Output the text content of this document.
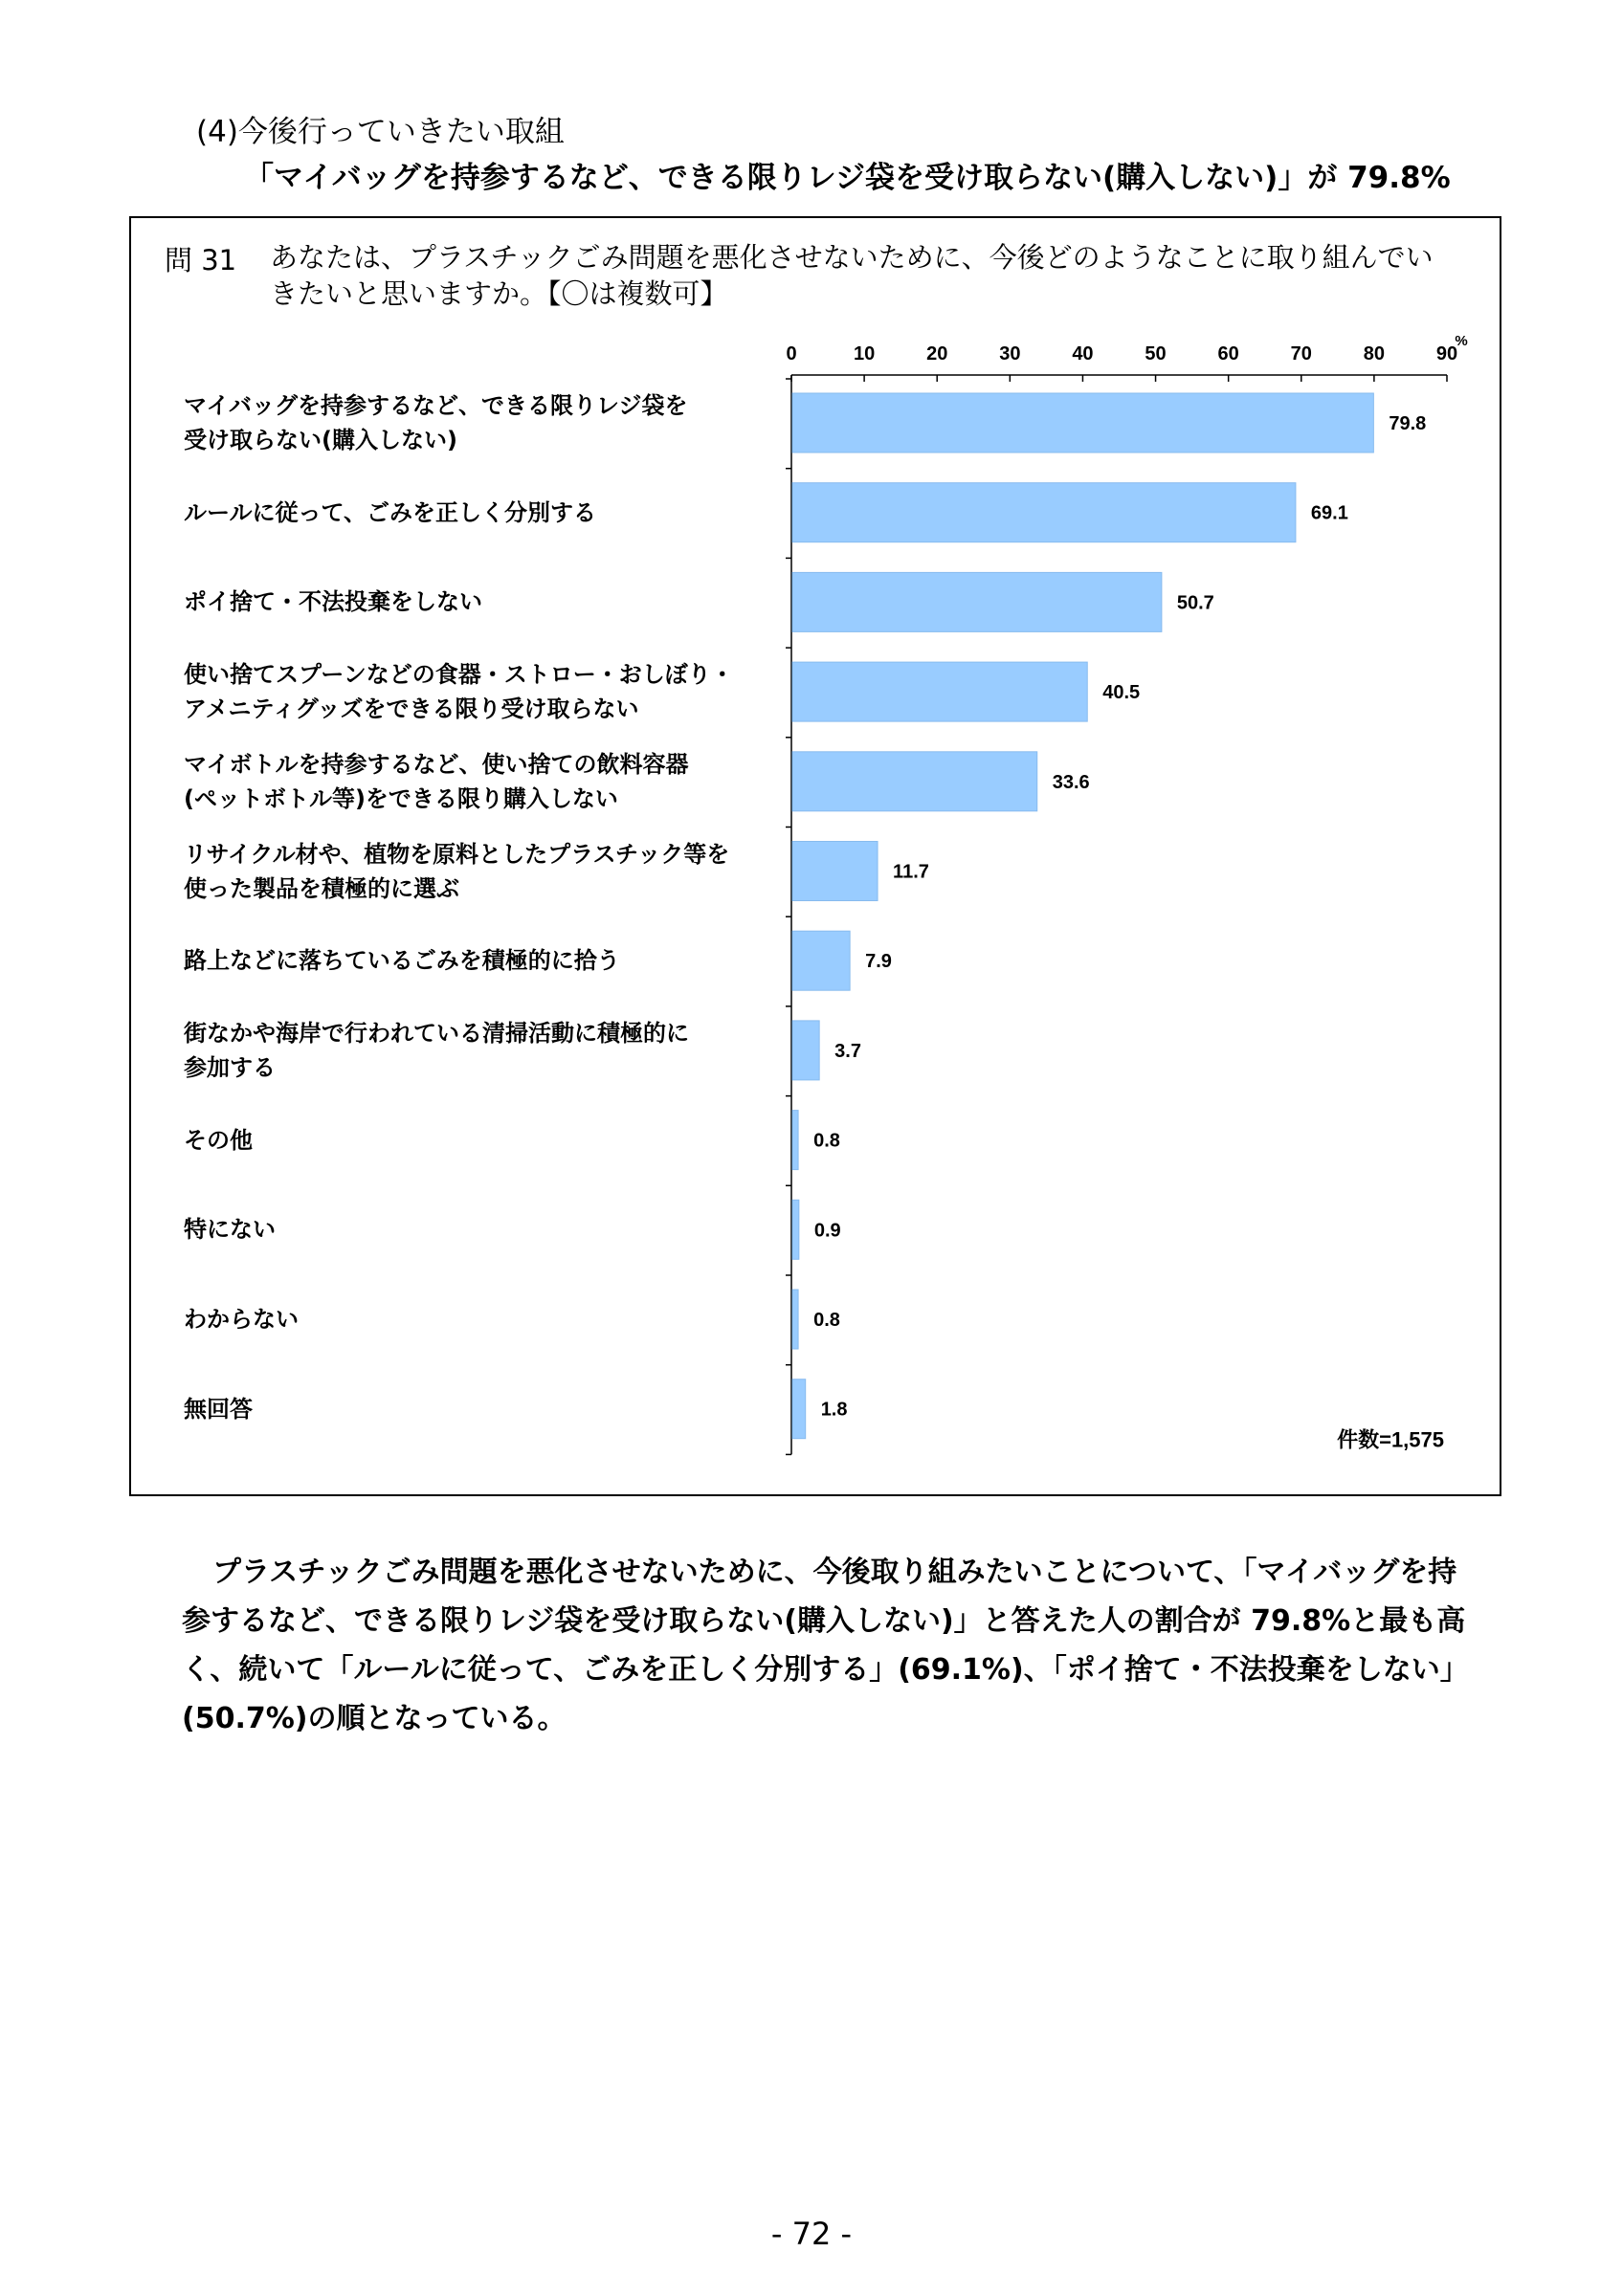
(4)今後行っていきたい取組
「マイバッグを持参するなど、できる限りレジ袋を受け取らない(購入しない)」が 79.8%
問 31 あなたは、プラスチックごみ問題を悪化させないために、今後どのようなことに取り組んでいきたいと思いますか。【〇は複数可】
マイバッグを持参するなど、できる限りレジ袋を
受け取らない(購入しない)
ルールに従って、ごみを正しく分別する
ポイ捨て・不法投棄をしない
使い捨てスプーンなどの食器・ストロー・おしぼり・
アメニティグッズをできる限り受け取らない
マイボトルを持参するなど、使い捨ての飲料容器
(ペットボトル等)をできる限り購入しない
リサイクル材や、植物を原料としたプラスチック等を
使った製品を積極的に選ぶ
路上などに落ちているごみを積極的に拾う
街なかや海岸で行われている清掃活動に積極的に
参加する
その他
特にない
わからない
無回答
0	10	20	30	40	50	60	70	80	90
%
79.8
69.1
50.7
40.5
33.6
11.7
7.9
3.7
0.8
0.9
0.8
1.8
件数=1,575
プラスチックごみ問題を悪化させないために、今後取り組みたいことについて、「マイバッグを持参するなど、できる限りレジ袋を受け取らない(購入しない)」と答えた人の割合が 79.8%と最も高く、続いて「ルールに従って、ごみを正しく分別する」(69.1%)、「ポイ捨て・不法投棄をしない」(50.7%)の順となっている。
- 72 -
